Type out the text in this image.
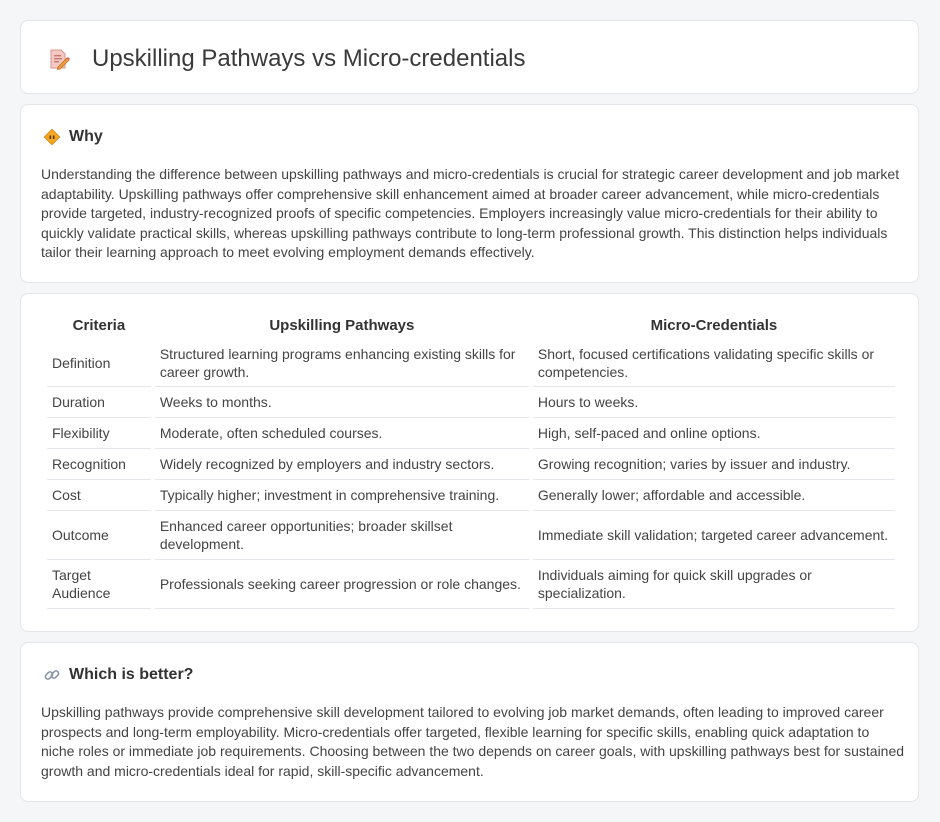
Upskilling Pathways vs Micro-credentials
Why

Understanding the difference between upskilling pathways and micro-credentials is crucial for strategic career development and job market adaptability. Upskilling pathways offer comprehensive skill enhancement aimed at broader career advancement, while micro-credentials provide targeted, industry-recognized proofs of specific competencies. Employers increasingly value micro-credentials for their ability to quickly validate practical skills, whereas upskilling pathways contribute to long-term professional growth. This distinction helps individuals tailor their learning approach to meet evolving employment demands effectively.

Criteria	Upskilling Pathways	Micro-Credentials
Definition	Structured learning programs enhancing existing skills for career growth.	Short, focused certifications validating specific skills or competencies.
Duration	Weeks to months.	Hours to weeks.
Flexibility	Moderate, often scheduled courses.	High, self-paced and online options.
Recognition	Widely recognized by employers and industry sectors.	Growing recognition; varies by issuer and industry.
Cost	Typically higher; investment in comprehensive training.	Generally lower; affordable and accessible.
Outcome	Enhanced career opportunities; broader skillset development.	Immediate skill validation; targeted career advancement.
Target Audience	Professionals seeking career progression or role changes.	Individuals aiming for quick skill upgrades or specialization.
Which is better?

Upskilling pathways provide comprehensive skill development tailored to evolving job market demands, often leading to improved career prospects and long-term employability. Micro-credentials offer targeted, flexible learning for specific skills, enabling quick adaptation to niche roles or immediate job requirements. Choosing between the two depends on career goals, with upskilling pathways best for sustained growth and micro-credentials ideal for rapid, skill-specific advancement.
